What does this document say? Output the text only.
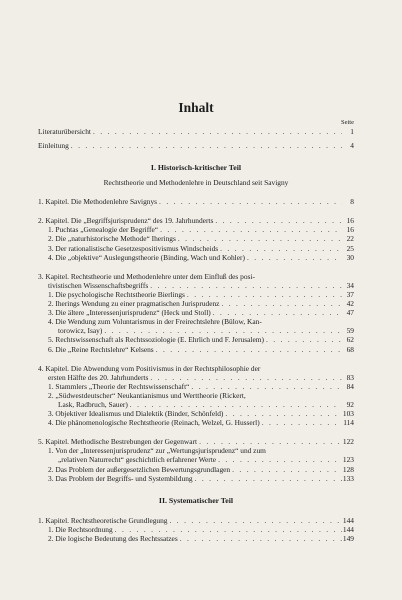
Inhalt
Seite
Literaturübersicht . . .	1
Einleitung . . .	4
I. Historisch-kritischer Teil
Rechtstheorie und Methodenlehre in Deutschland seit Savigny
1. Kapitel. Die Methodenlehre Savignys . . .	8
2. Kapitel. Die „Begriffsjurisprudenz“ des 19. Jahrhunderts . . .	16
1. Puchtas „Genealogie der Begriffe“ . . .	16
2. Die „naturhistorische Methode“ Iherings . . .	22
3. Der rationalistische Gesetzespositivismus Windscheids . . .	25
4. Die „objektive“ Auslegungstheorie (Binding, Wach und Kohler) . . .	30
3. Kapitel. Rechtstheorie und Methodenlehre unter dem Einfluß des posi-
tivistischen Wissenschaftsbegriffs . . .	34
1. Die psychologische Rechtstheorie Bierlings . . .	37
2. Iherings Wendung zu einer pragmatischen Jurisprudenz . . .	42
3. Die ältere „Interessenjurisprudenz“ (Heck und Stoll) . . .	47
4. Die Wendung zum Voluntarismus in der Freirechtslehre (Bülow, Kan-
torowicz, Isay) . . .	59
5. Rechtswissenschaft als Rechtssoziologie (E. Ehrlich und F. Jerusalem) . . .	62
6. Die „Reine Rechtslehre“ Kelsens . . .	68
4. Kapitel. Die Abwendung vom Positivismus in der Rechtsphilosophie der
ersten Hälfte des 20. Jahrhunderts . . .	83
1. Stammlers „Theorie der Rechtswissenschaft“ . . .	84
2. „Südwestdeutscher“ Neukantianismus und Werttheorie (Rickert,
Lask, Radbruch, Sauer) . . .	92
3. Objektiver Idealismus und Dialektik (Binder, Schönfeld) . . .	103
4. Die phänomenologische Rechtstheorie (Reinach, Welzel, G. Husserl) . . .	114
5. Kapitel. Methodische Bestrebungen der Gegenwart . . .	122
1. Von der „Interessenjurisprudenz“ zur „Wertungsjurisprudenz“ und zum
„relativen Naturrecht“ geschichtlich erfahrener Werte . . .	123
2. Das Problem der außergesetzlichen Bewertungsgrundlagen . . .	128
3. Das Problem der Begriffs- und Systembildung . . .	133
II. Systematischer Teil
1. Kapitel. Rechtstheoretische Grundlegung . . .	144
1. Die Rechtsordnung . . .	144
2. Die logische Bedeutung des Rechtssatzes . . .	149
